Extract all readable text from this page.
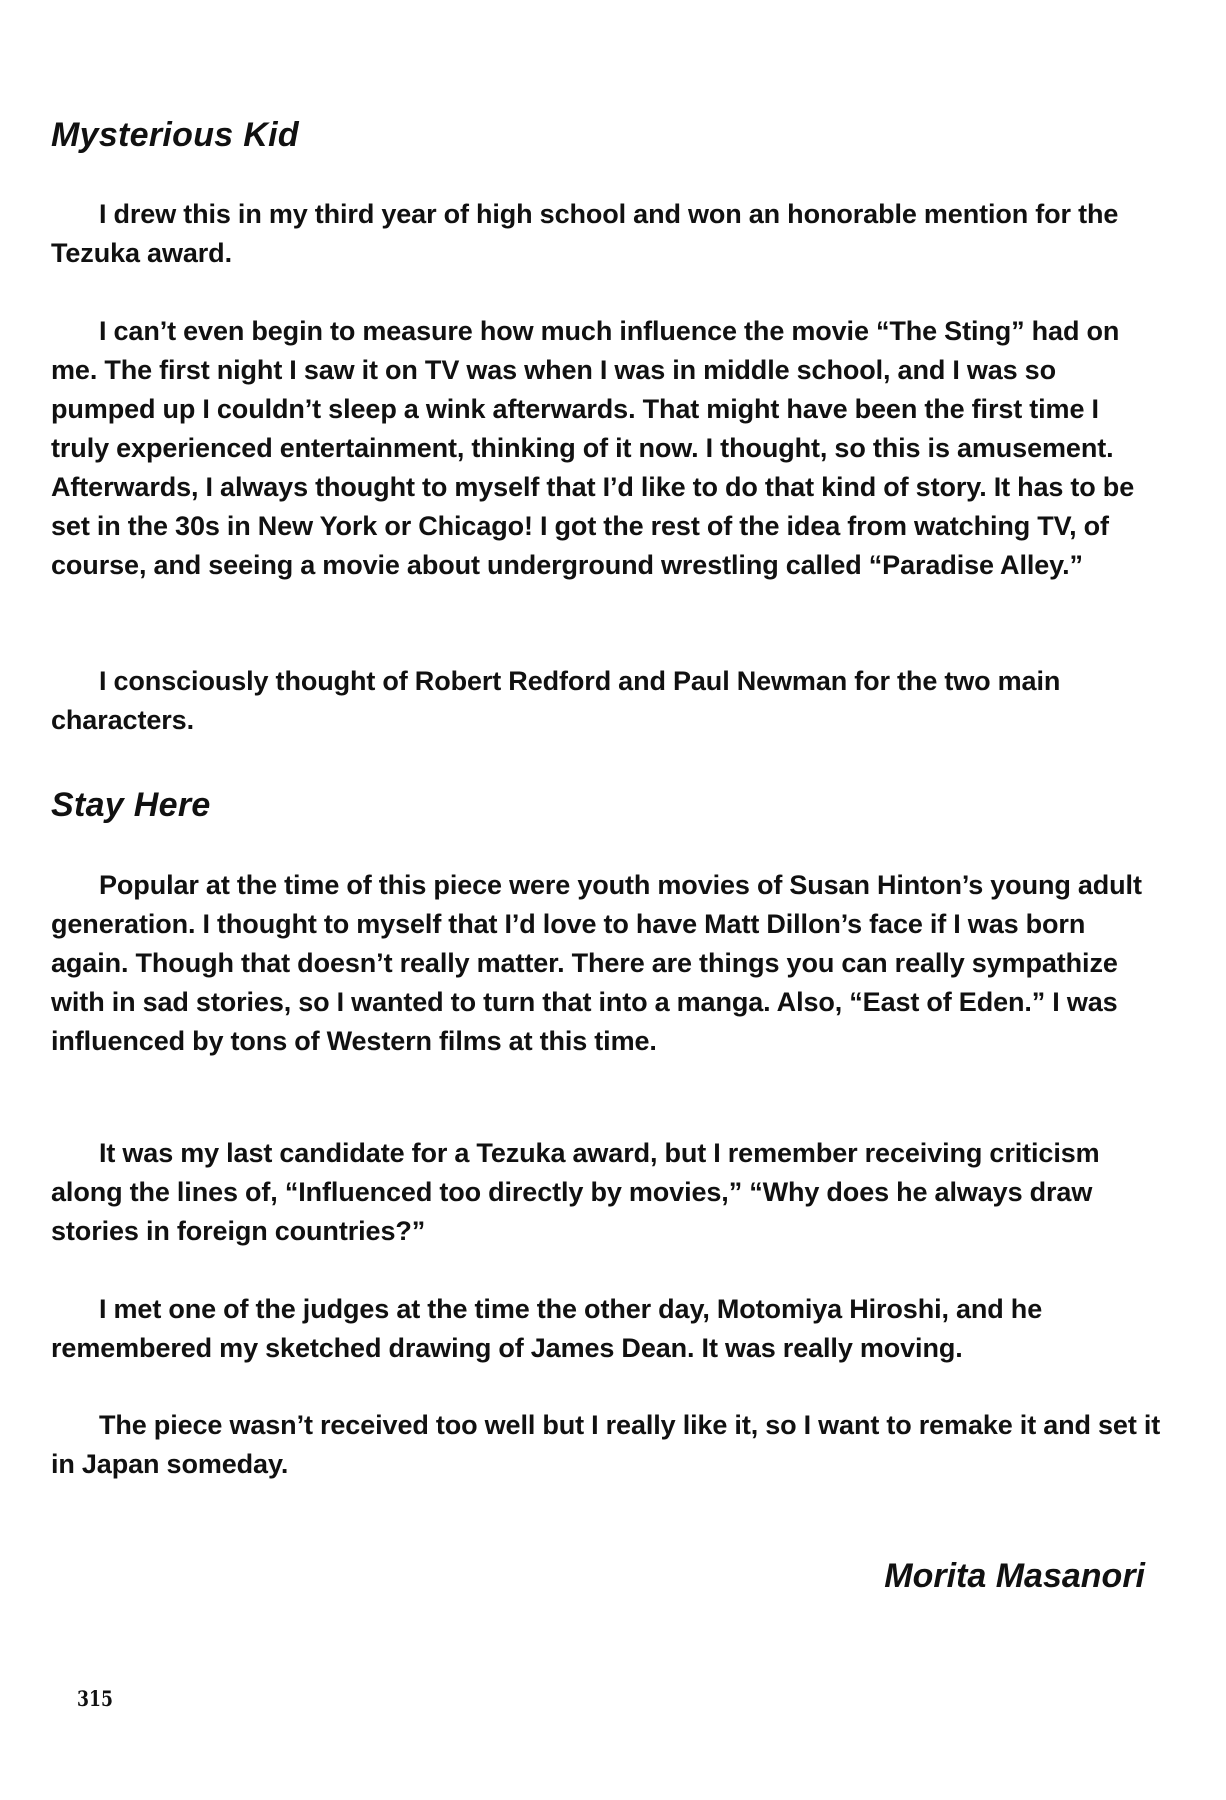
Mysterious Kid

I drew this in my third year of high school and won an honorable mention for the Tezuka award.

I can’t even begin to measure how much influence the movie “The Sting” had on me. The first night I saw it on TV was when I was in middle school, and I was so pumped up I couldn’t sleep a wink afterwards. That might have been the first time I truly experienced entertainment, thinking of it now. I thought, so this is amusement. Afterwards, I always thought to myself that I’d like to do that kind of story. It has to be set in the 30s in New York or Chicago! I got the rest of the idea from watching TV, of course, and seeing a movie about underground wrestling called “Paradise Alley.”

I consciously thought of Robert Redford and Paul Newman for the two main characters.

Stay Here

Popular at the time of this piece were youth movies of Susan Hinton’s young adult generation. I thought to myself that I’d love to have Matt Dillon’s face if I was born again. Though that doesn’t really matter. There are things you can really sympathize with in sad stories, so I wanted to turn that into a manga. Also, “East of Eden.” I was influenced by tons of Western films at this time.

It was my last candidate for a Tezuka award, but I remember receiving criticism along the lines of, “Influenced too directly by movies,” “Why does he always draw stories in foreign countries?”

I met one of the judges at the time the other day, Motomiya Hiroshi, and he remembered my sketched drawing of James Dean. It was really moving.

The piece wasn’t received too well but I really like it, so I want to remake it and set it in Japan someday.

Morita Masanori

315
